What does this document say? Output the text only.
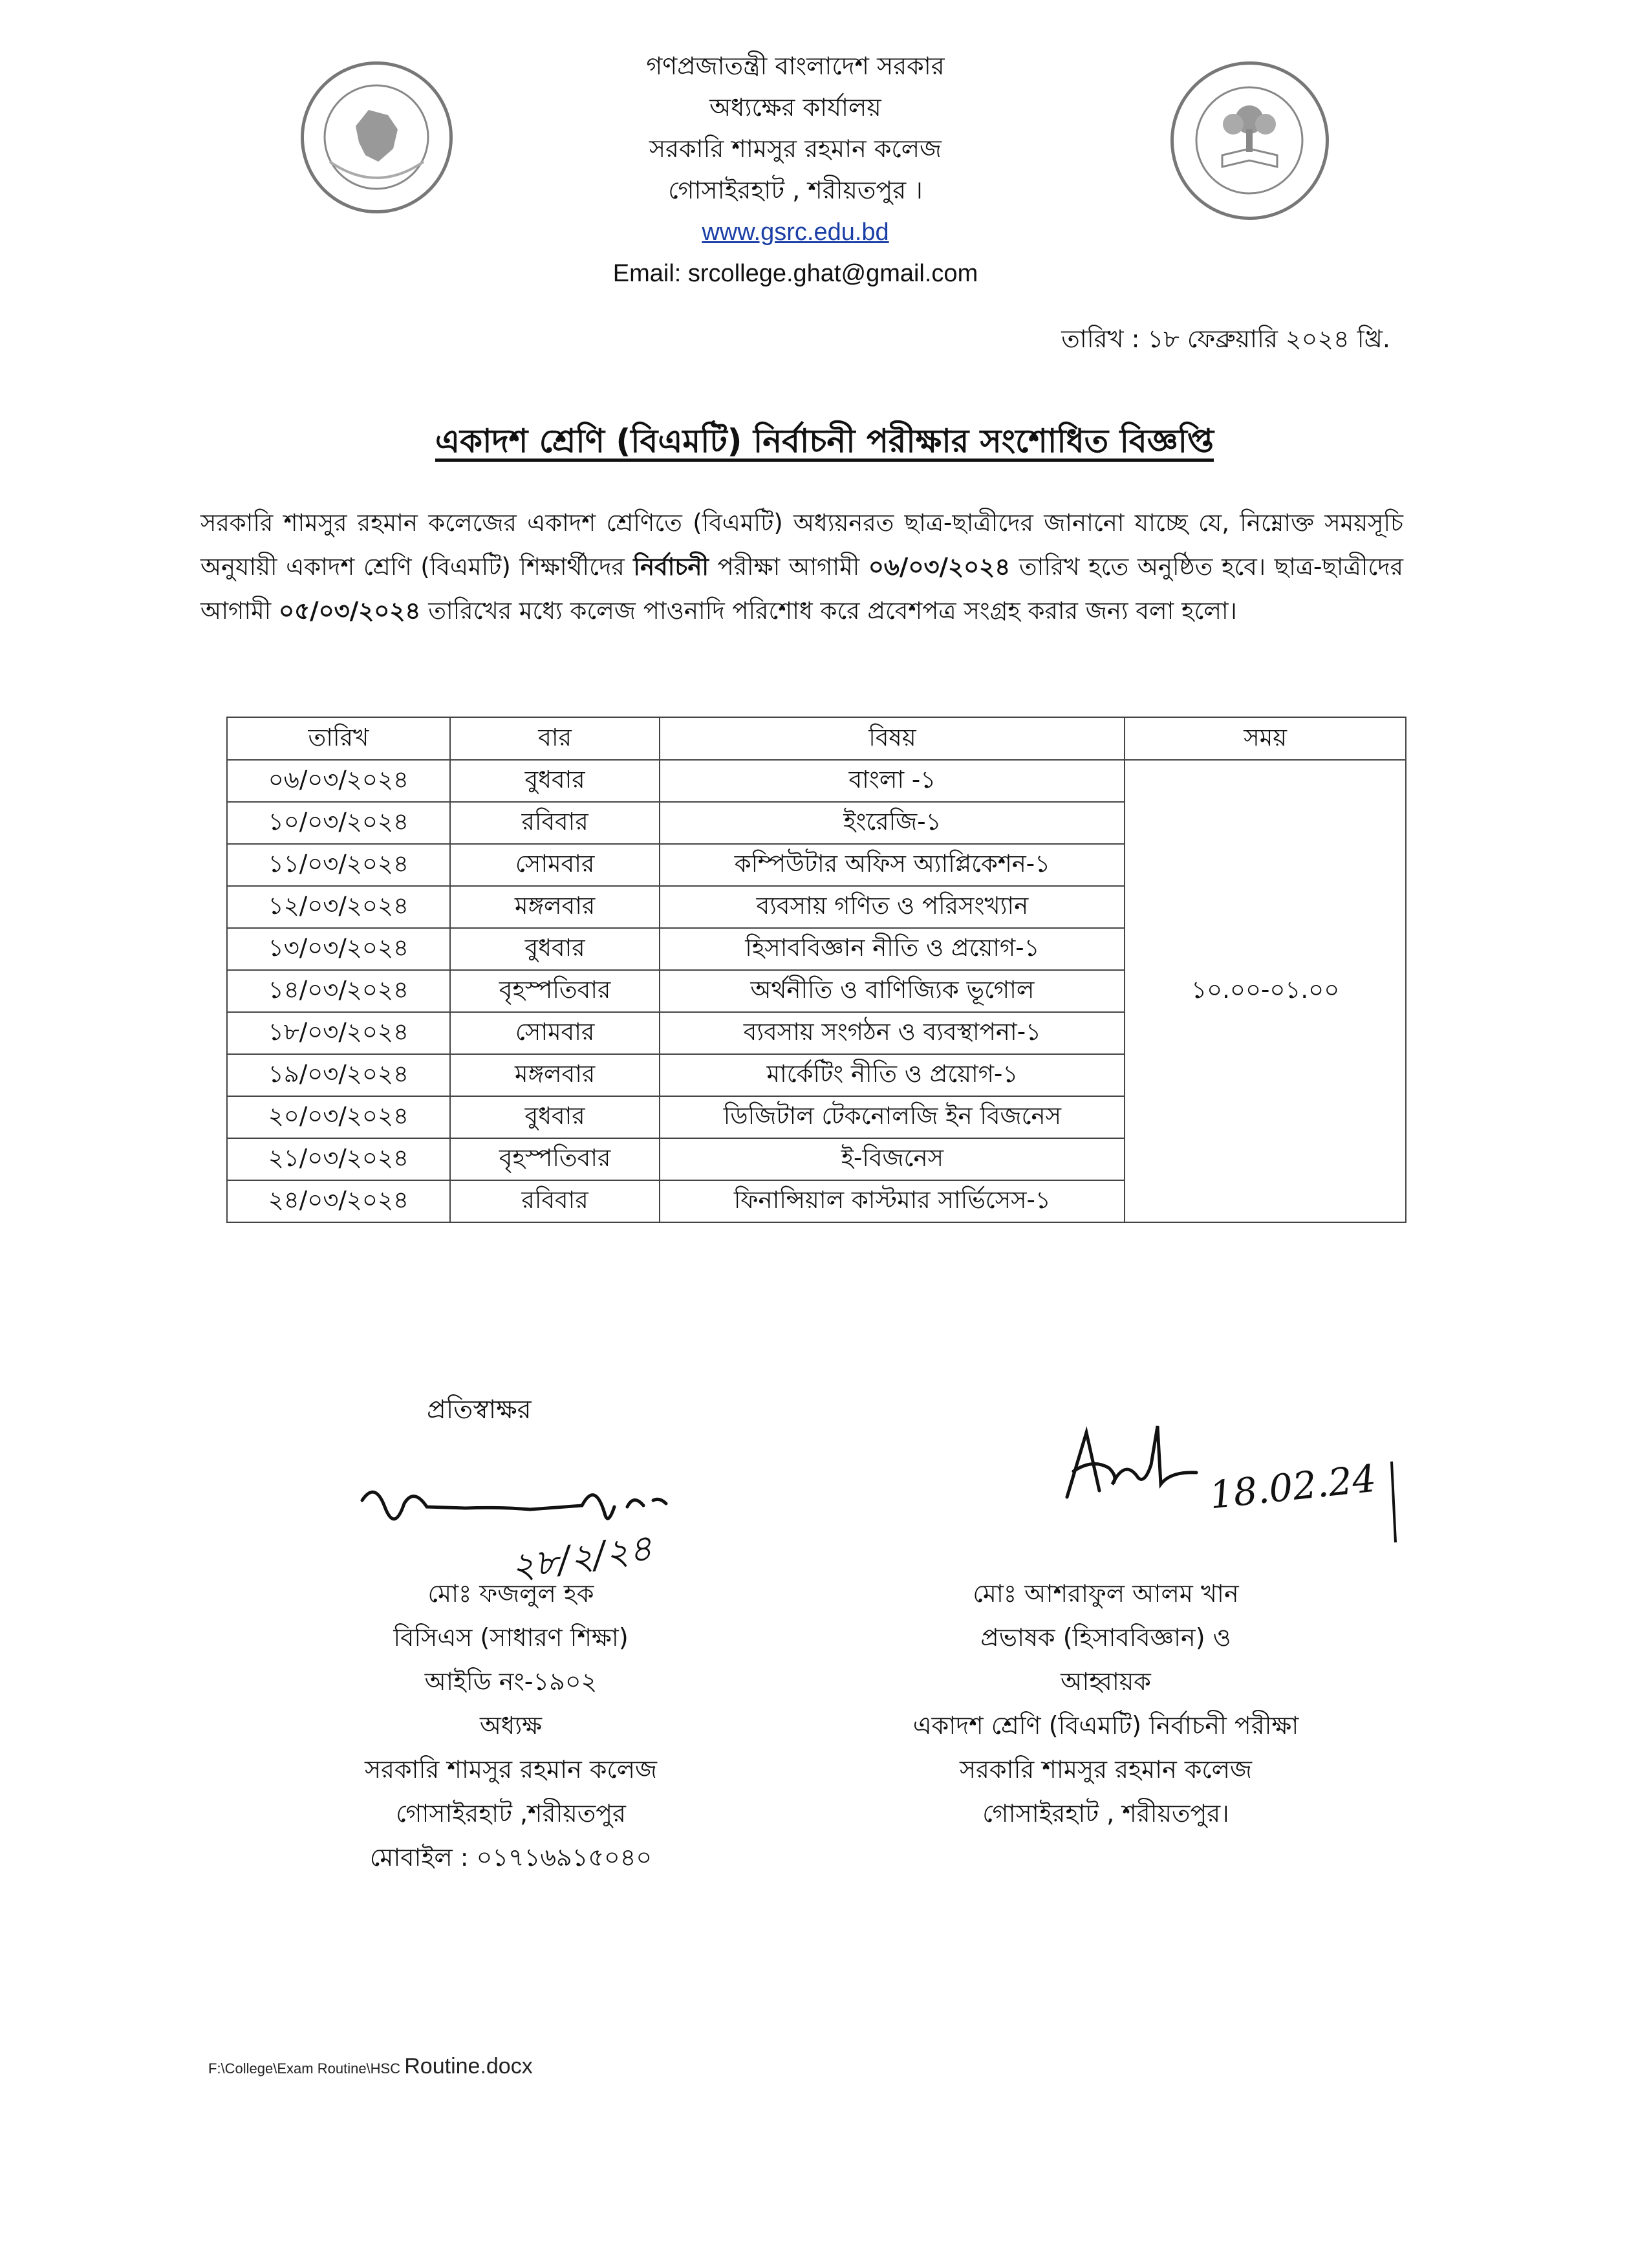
গণপ্রজাতন্ত্রী বাংলাদেশ সরকার
অধ্যক্ষের কার্যালয়
সরকারি শামসুর রহমান কলেজ
গোসাইরহাট , শরীয়তপুর ।
www.gsrc.edu.bd
Email: srcollege.ghat@gmail.com
তারিখ : ১৮ ফেব্রুয়ারি ২০২৪ খ্রি.
একাদশ শ্রেণি (বিএমটি) নির্বাচনী পরীক্ষার সংশোধিত বিজ্ঞপ্তি
সরকারি শামসুর রহমান কলেজের একাদশ শ্রেণিতে (বিএমটি) অধ্যয়নরত ছাত্র-ছাত্রীদের জানানো যাচ্ছে যে, নিম্নোক্ত সময়সূচি অনুযায়ী একাদশ শ্রেণি (বিএমটি) শিক্ষার্থীদের নির্বাচনী পরীক্ষা আগামী ০৬/০৩/২০২৪ তারিখ হতে অনুষ্ঠিত হবে। ছাত্র-ছাত্রীদের আগামী ০৫/০৩/২০২৪ তারিখের মধ্যে কলেজ পাওনাদি পরিশোধ করে প্রবেশপত্র সংগ্রহ করার জন্য বলা হলো।
তারিখ	বার	বিষয়	সময়
০৬/০৩/২০২৪	বুধবার	বাংলা -১	১০.০০-০১.০০
১০/০৩/২০২৪	রবিবার	ইংরেজি-১	
১১/০৩/২০২৪	সোমবার	কম্পিউটার অফিস অ্যাপ্লিকেশন-১	
১২/০৩/২০২৪	মঙ্গলবার	ব্যবসায় গণিত ও পরিসংখ্যান	
১৩/০৩/২০২৪	বুধবার	হিসাববিজ্ঞান নীতি ও প্রয়োগ-১	
১৪/০৩/২০২৪	বৃহস্পতিবার	অর্থনীতি ও বাণিজ্যিক ভূগোল	
১৮/০৩/২০২৪	সোমবার	ব্যবসায় সংগঠন ও ব্যবস্থাপনা-১	
১৯/০৩/২০২৪	মঙ্গলবার	মার্কেটিং নীতি ও প্রয়োগ-১	
২০/০৩/২০২৪	বুধবার	ডিজিটাল টেকনোলজি ইন বিজনেস	
২১/০৩/২০২৪	বৃহস্পতিবার	ই-বিজনেস	
২৪/০৩/২০২৪	রবিবার	ফিনান্সিয়াল কাস্টমার সার্ভিসেস-১	
প্রতিস্বাক্ষর
২৮/২/২৪
18.02.24
মোঃ ফজলুল হক
বিসিএস (সাধারণ শিক্ষা)
আইডি নং-১৯০২
অধ্যক্ষ
সরকারি শামসুর রহমান কলেজ
গোসাইরহাট ,শরীয়তপুর
মোবাইল : ০১৭১৬৯১৫০৪০
মোঃ আশরাফুল আলম খান
প্রভাষক (হিসাববিজ্ঞান) ও
আহ্বায়ক
একাদশ শ্রেণি (বিএমটি) নির্বাচনী পরীক্ষা
সরকারি শামসুর রহমান কলেজ
গোসাইরহাট , শরীয়তপুর।
F:\College\Exam Routine\HSC Routine.docx
